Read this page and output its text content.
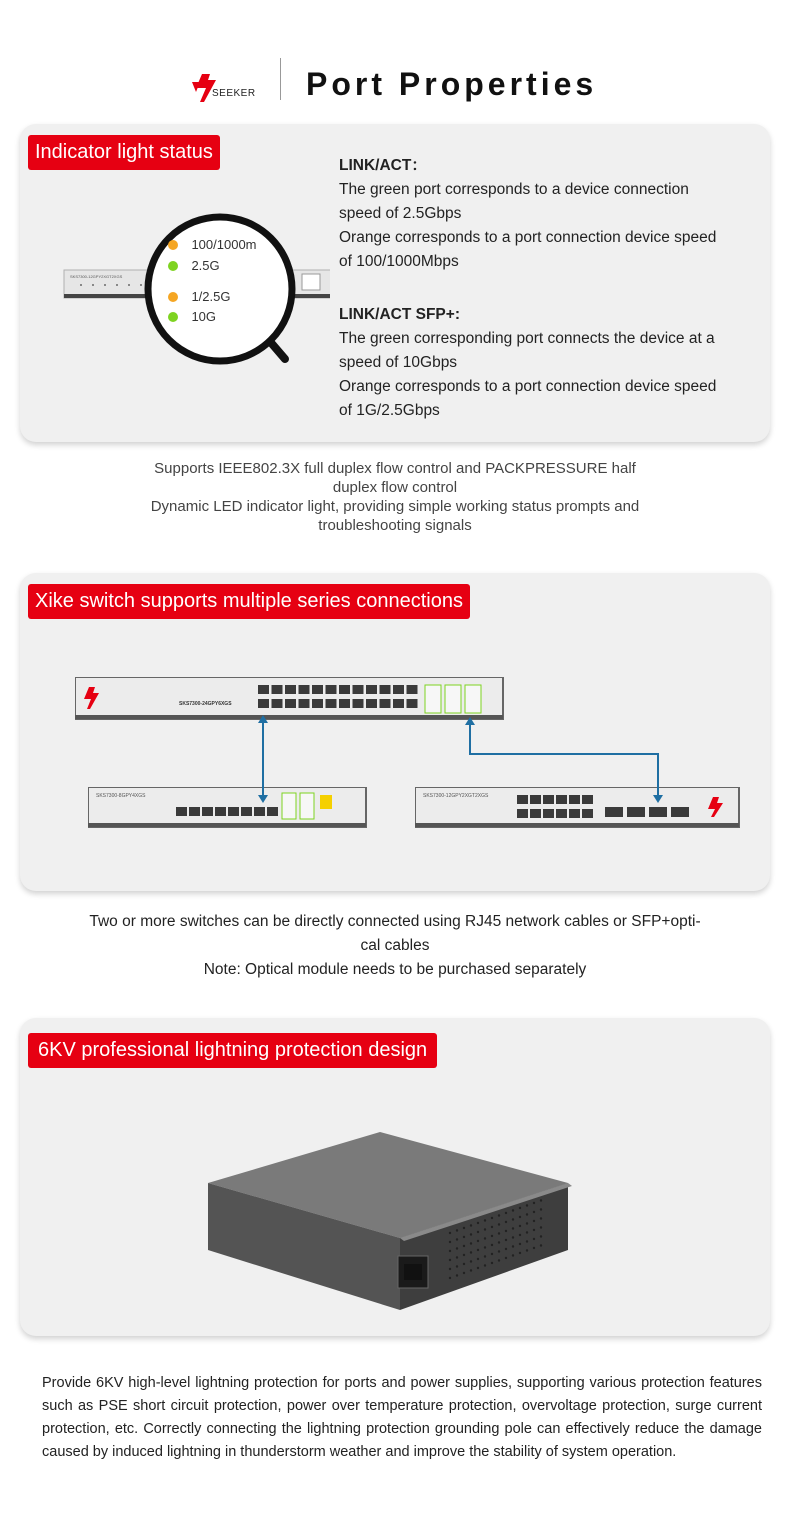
SEEKER Port Properties
Indicator light status
SKS7300-12GPY2XGT2XGS
100/1000m
2.5G
1/2.5G
10G
LINK/ACT：
The green port corresponds to a device connection
speed of 2.5Gbps
Orange corresponds to a port connection device speed
of 100/1000Mbps
LINK/ACT SFP+:
The green corresponding port connects the device at a
speed of 10Gbps
Orange corresponds to a port connection device speed
of 1G/2.5Gbps
Supports IEEE802.3X full duplex flow control and PACKPRESSURE half
duplex flow control
Dynamic LED indicator light, providing simple working status prompts and
troubleshooting signals
Xike switch supports multiple series connections
SKS7300-24GPY6XGS
SKS7300-8GPY4XGS	SKS7300-12GPY2XGT2XGS
Two or more switches can be directly connected using RJ45 network cables or SFP+opti-
cal cables
Note: Optical module needs to be purchased separately
6KV professional lightning protection design
Provide 6KV high-level lightning protection for ports and power supplies, supporting various protection features such as PSE short circuit protection, power over temperature protection, overvoltage protection, surge current protection, etc. Correctly connecting the lightning protection grounding pole can effectively reduce the damage caused by induced lightning in thunderstorm weather and improve the stability of system operation.
